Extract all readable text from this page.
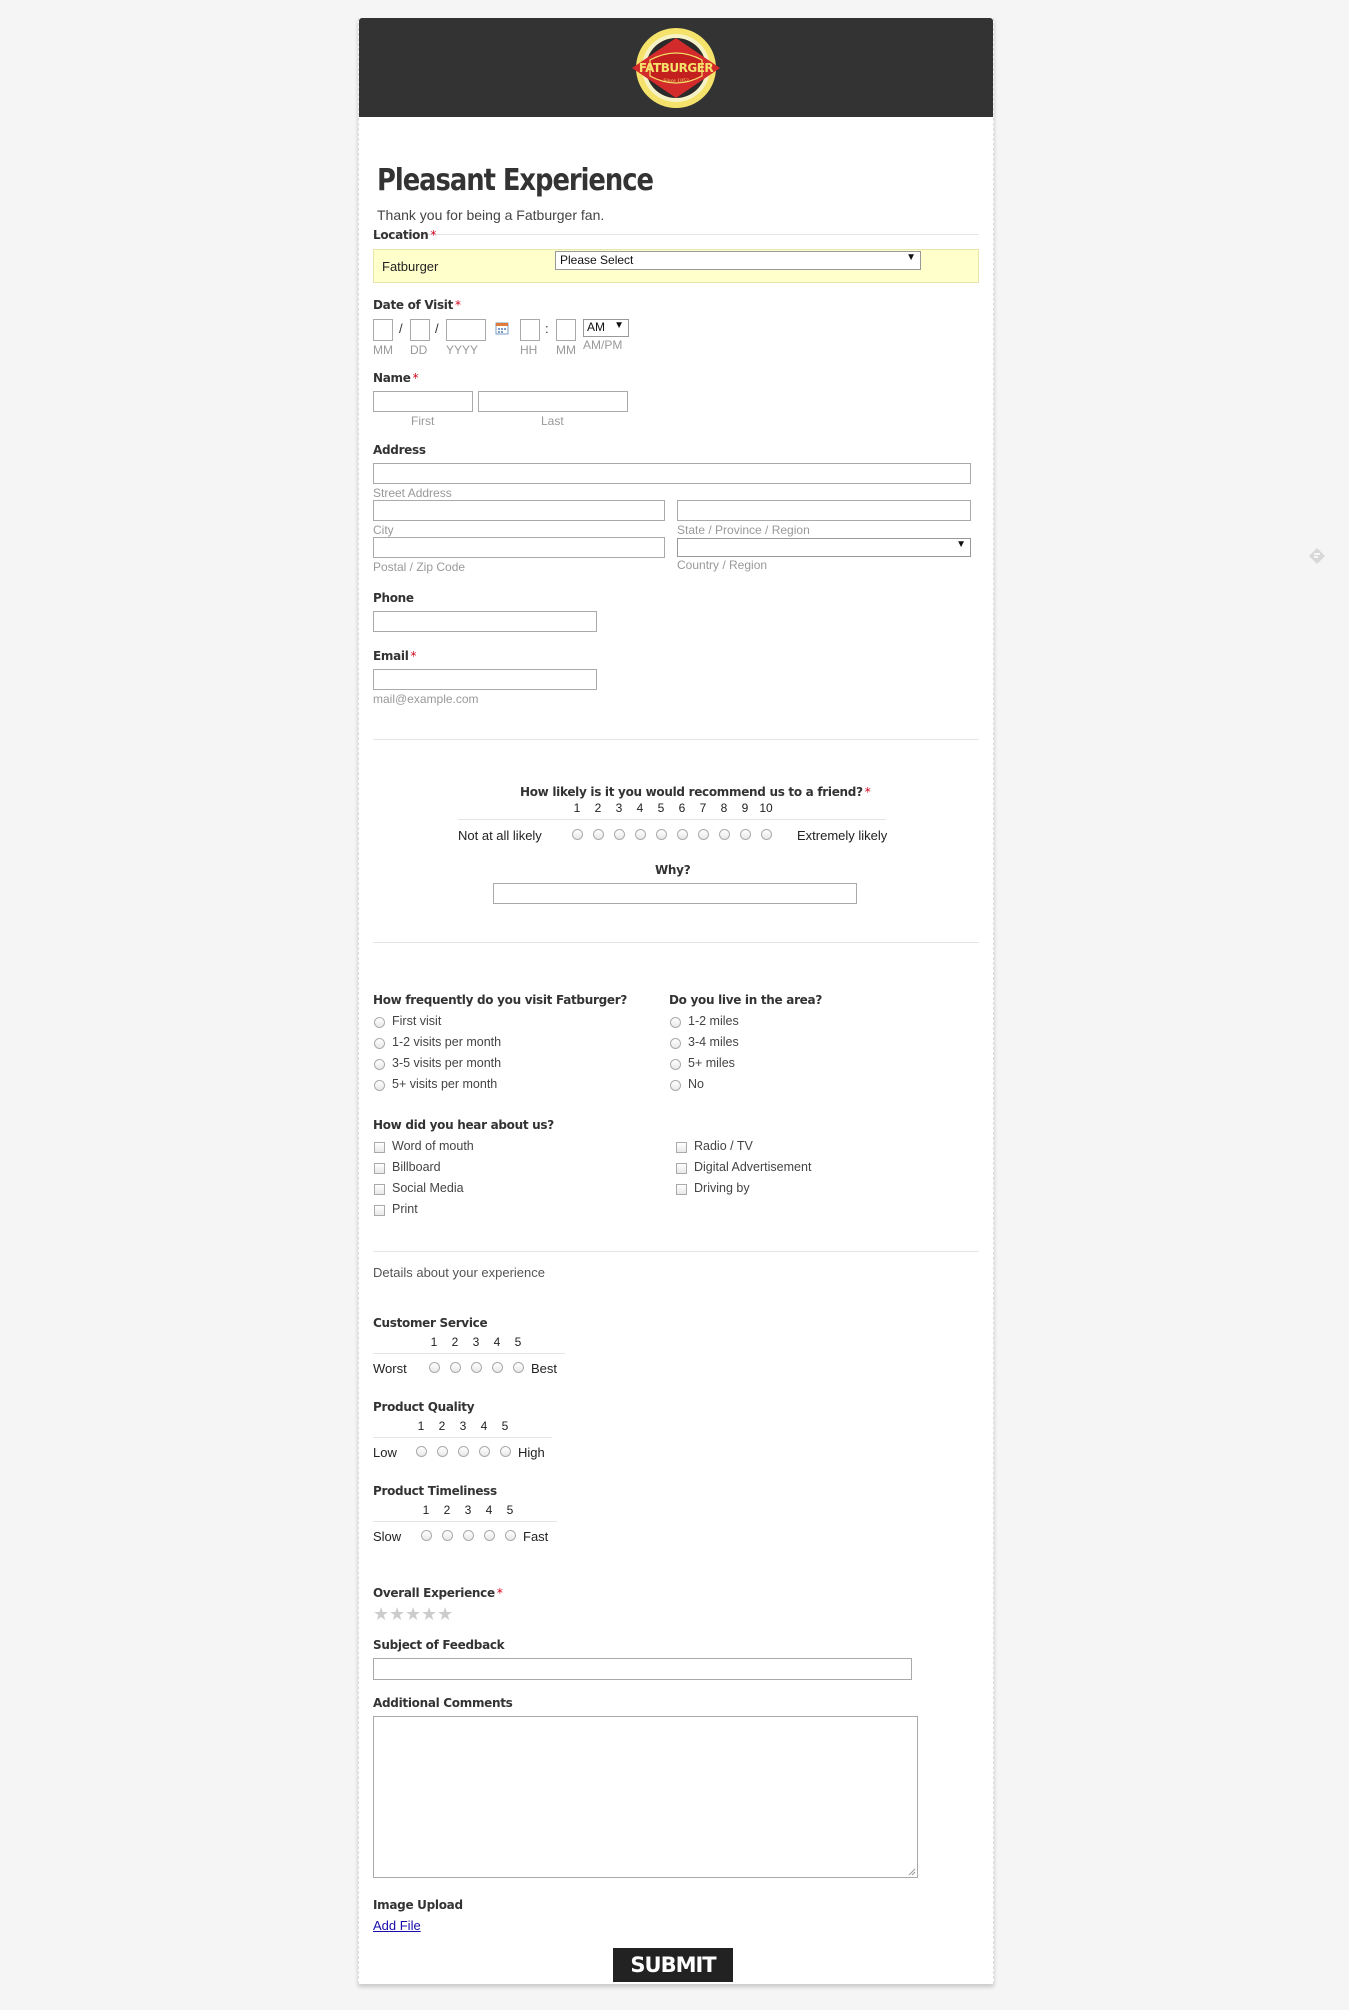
FATBURGER
Since 1952
Pleasant Experience
Thank you for being a Fatburger fan.
Location *
Fatburger	Please Select	▼
Date of Visit *
/ /	:	AM ▼
MM DD YYYY	HH MM AM/PM
Name *
First	Last
Address
Street Address
City	State / Province / Region
▼
Postal / Zip Code	Country / Region
Phone
Email *
mail@example.com
How likely is it you would recommend us to a friend? *
1	2	3	4	5	6	7	8	9 10
Not at all likely	Extremely likely
Why?
How frequently do you visit Fatburger?
First visit
1-2 visits per month
3-5 visits per month
5+ visits per month
Do you live in the area?
1-2 miles
3-4 miles
5+ miles
No
How did you hear about us?
Word of mouth
Billboard
Social Media
Print
Radio / TV
Digital Advertisement
Driving by
Details about your experience
Customer Service
1	2	3	4	5
Worst	Best
Product Quality
1	2	3	4	5
Low	High
Product Timeliness
1	2	3	4	5
Slow	Fast
Overall Experience *
★ ★ ★ ★ ★
Subject of Feedback
Additional Comments
Image Upload
Add File
SUBMIT
